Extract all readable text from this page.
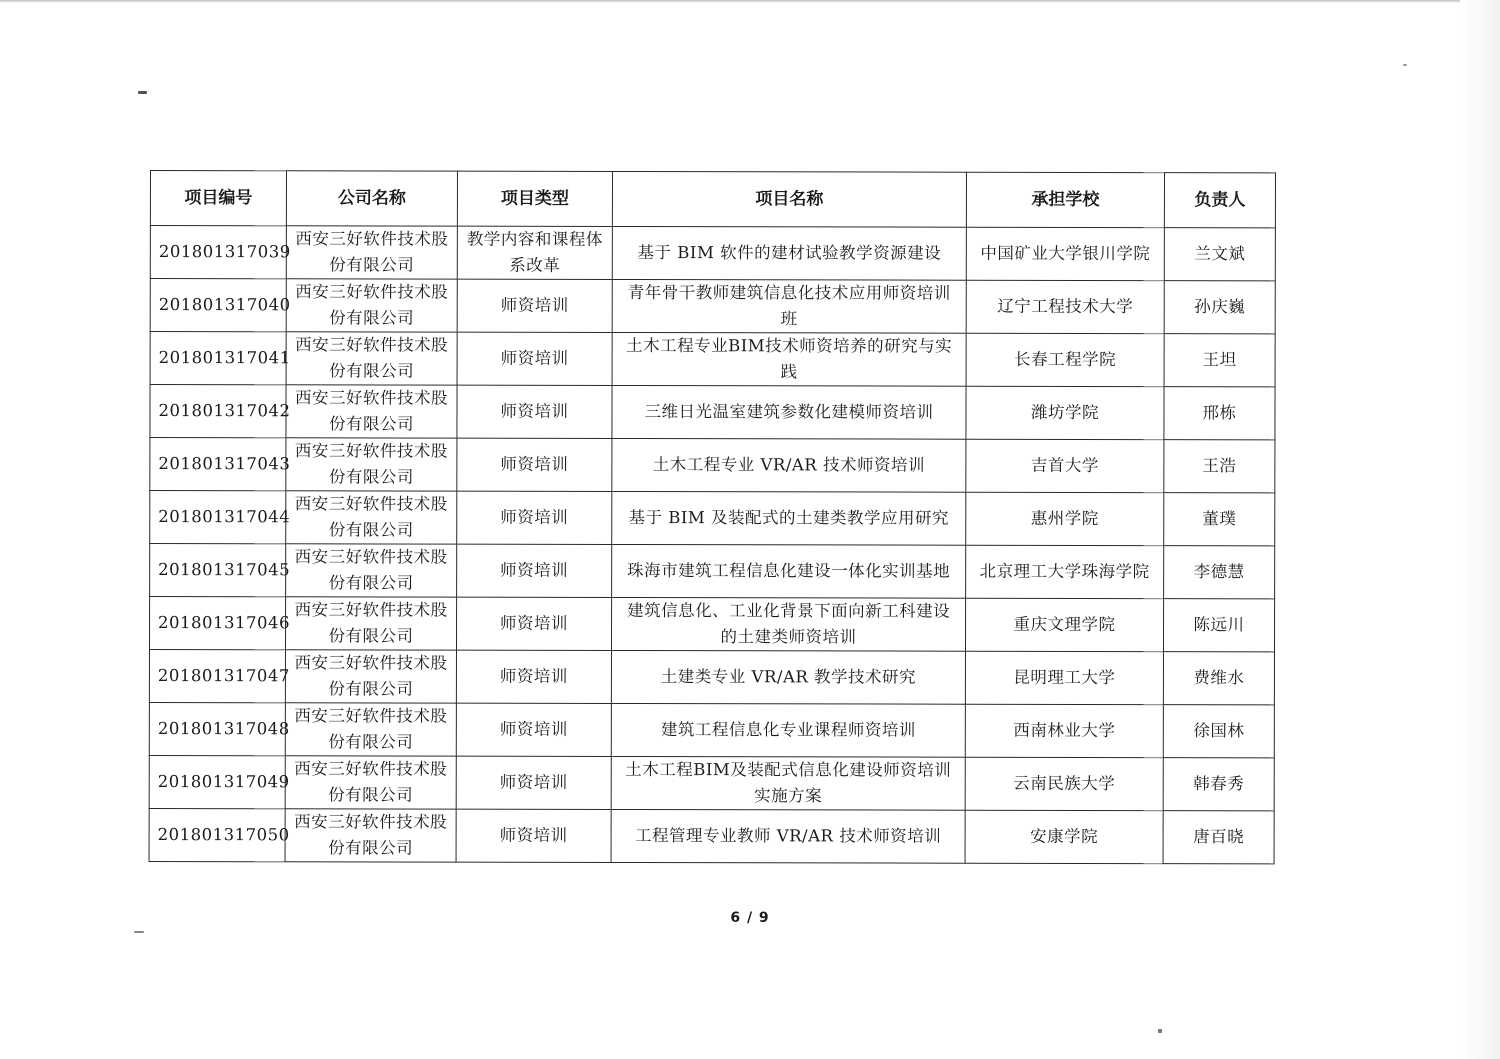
项目编号	公司名称	项目类型	项目名称	承担学校	负责人
201801317039	西安三好软件技术股份有限公司	教学内容和课程体系改革	基于 BIM 软件的建材试验教学资源建设	中国矿业大学银川学院	兰文斌
201801317040	西安三好软件技术股份有限公司	师资培训	青年骨干教师建筑信息化技术应用师资培训班	辽宁工程技术大学	孙庆巍
201801317041	西安三好软件技术股份有限公司	师资培训	土木工程专业BIM技术师资培养的研究与实践	长春工程学院	王坦
201801317042	西安三好软件技术股份有限公司	师资培训	三维日光温室建筑参数化建模师资培训	潍坊学院	邢栋
201801317043	西安三好软件技术股份有限公司	师资培训	土木工程专业 VR/AR 技术师资培训	吉首大学	王浩
201801317044	西安三好软件技术股份有限公司	师资培训	基于 BIM 及装配式的土建类教学应用研究	惠州学院	董璞
201801317045	西安三好软件技术股份有限公司	师资培训	珠海市建筑工程信息化建设一体化实训基地	北京理工大学珠海学院	李德慧
201801317046	西安三好软件技术股份有限公司	师资培训	建筑信息化、工业化背景下面向新工科建设的土建类师资培训	重庆文理学院	陈远川
201801317047	西安三好软件技术股份有限公司	师资培训	土建类专业 VR/AR 教学技术研究	昆明理工大学	费维水
201801317048	西安三好软件技术股份有限公司	师资培训	建筑工程信息化专业课程师资培训	西南林业大学	徐国林
201801317049	西安三好软件技术股份有限公司	师资培训	土木工程BIM及装配式信息化建设师资培训实施方案	云南民族大学	韩春秀
201801317050	西安三好软件技术股份有限公司	师资培训	工程管理专业教师 VR/AR 技术师资培训	安康学院	唐百晓
6 / 9
